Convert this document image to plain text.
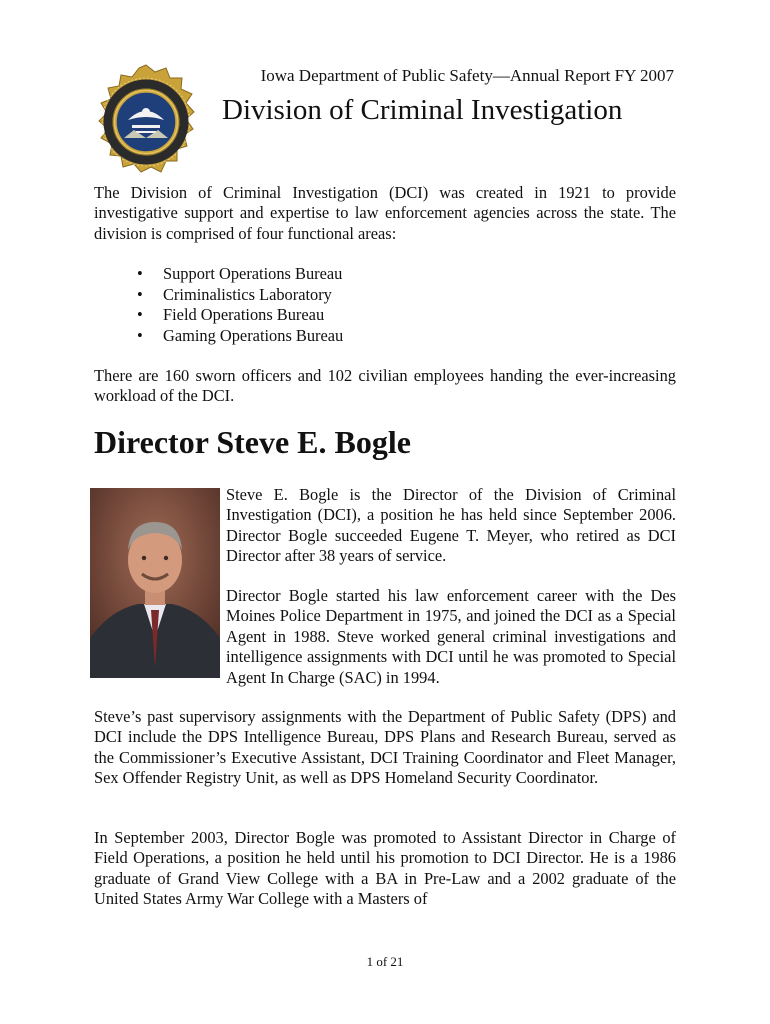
Iowa Department of Public Safety—Annual Report FY 2007
Division of Criminal Investigation

The Division of Criminal Investigation (DCI) was created in 1921 to provide investigative support and expertise to law enforcement agencies across the state. The division is comprised of four functional areas:

• Support Operations Bureau
• Criminalistics Laboratory
• Field Operations Bureau
• Gaming Operations Bureau

There are 160 sworn officers and 102 civilian employees handing the ever-increasing workload of the DCI.

Director Steve E. Bogle

Steve E. Bogle is the Director of the Division of Criminal Investigation (DCI), a position he has held since September 2006. Director Bogle succeeded Eugene T. Meyer, who retired as DCI Director after 38 years of service.

Director Bogle started his law enforcement career with the Des Moines Police Department in 1975, and joined the DCI as a Special Agent in 1988. Steve worked general criminal investigations and intelligence assignments with DCI until he was promoted to Special Agent In Charge (SAC) in 1994.

Steve’s past supervisory assignments with the Department of Public Safety (DPS) and DCI include the DPS Intelligence Bureau, DPS Plans and Research Bureau, served as the Commissioner’s Executive Assistant, DCI Training Coordinator and Fleet Manager, Sex Offender Registry Unit, as well as DPS Homeland Security Coordinator.

In September 2003, Director Bogle was promoted to Assistant Director in Charge of Field Operations, a position he held until his promotion to DCI Director. He is a 1986 graduate of Grand View College with a BA in Pre-Law and a 2002 graduate of the United States Army War College with a Masters of

1 of 21
